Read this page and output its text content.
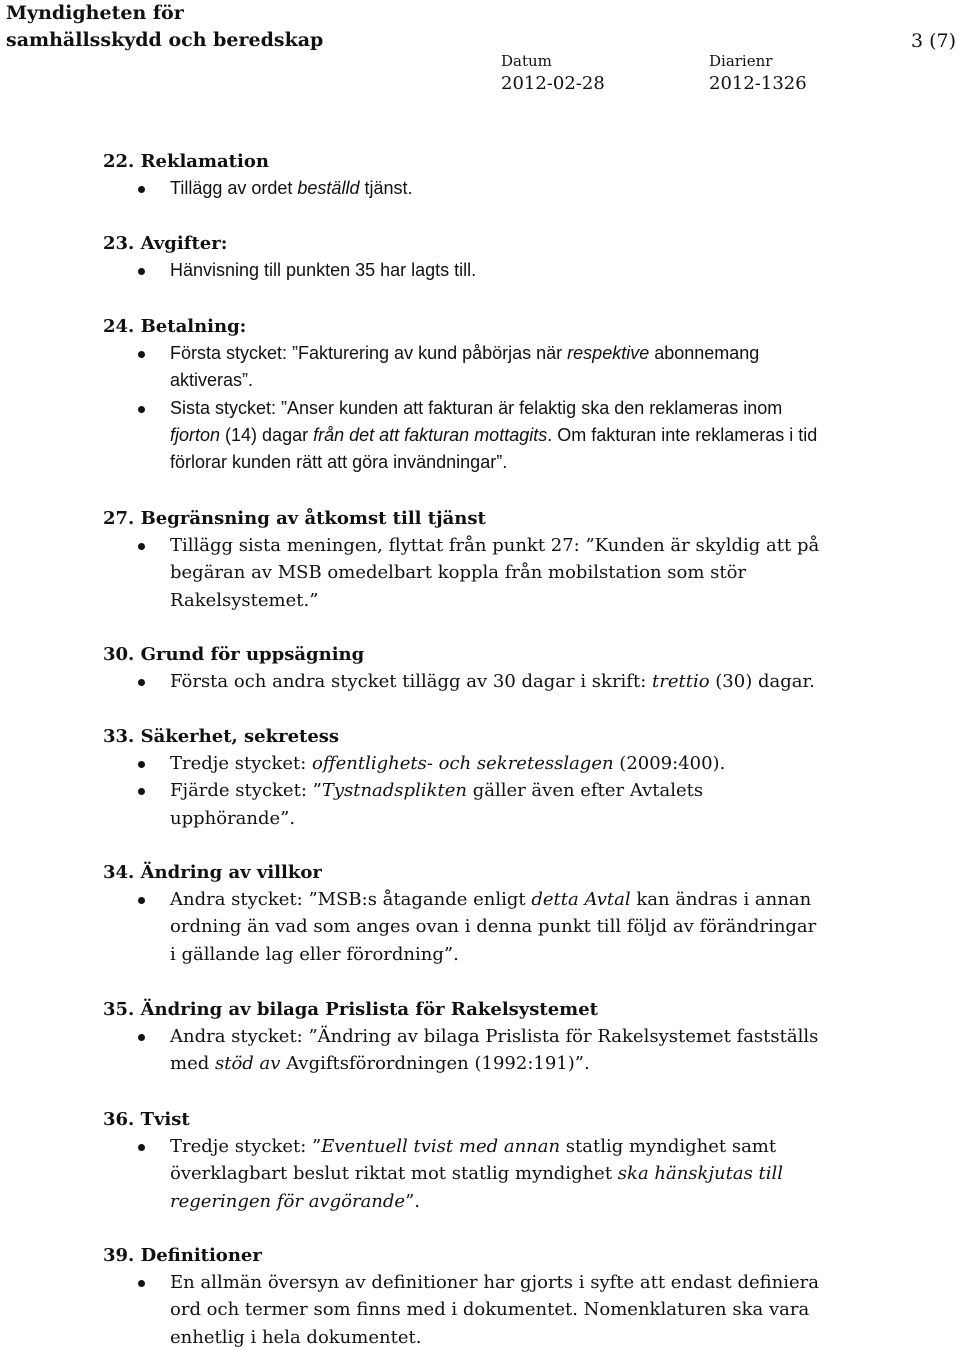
Myndigheten för
samhällsskydd och beredskap	3 (7)
Datum
2012-02-28
Diarienr
2012-1326
22. Reklamation
Tillägg av ordet beställd tjänst.
23. Avgifter:
Hänvisning till punkten 35 har lagts till.
24. Betalning:
Första stycket: ”Fakturering av kund påbörjas när respektive abonnemang aktiveras”.
Sista stycket: ”Anser kunden att fakturan är felaktig ska den reklameras inom fjorton (14) dagar från det att fakturan mottagits. Om fakturan inte reklameras i tid förlorar kunden rätt att göra invändningar”.
27. Begränsning av åtkomst till tjänst
Tillägg sista meningen, flyttat från punkt 27: ”Kunden är skyldig att på begäran av MSB omedelbart koppla från mobilstation som stör Rakelsystemet.”
30. Grund för uppsägning
Första och andra stycket tillägg av 30 dagar i skrift: trettio (30) dagar.
33. Säkerhet, sekretess
Tredje stycket: offentlighets- och sekretesslagen (2009:400).
Fjärde stycket: ”Tystnadsplikten gäller även efter Avtalets upphörande”.
34. Ändring av villkor
Andra stycket: ”MSB:s åtagande enligt detta Avtal kan ändras i annan ordning än vad som anges ovan i denna punkt till följd av förändringar i gällande lag eller förordning”.
35. Ändring av bilaga Prislista för Rakelsystemet
Andra stycket: ”Ändring av bilaga Prislista för Rakelsystemet fastställs med stöd av Avgiftsförordningen (1992:191)”.
36. Tvist
Tredje stycket: ”Eventuell tvist med annan statlig myndighet samt överklagbart beslut riktat mot statlig myndighet ska hänskjutas till regeringen för avgörande”.
39. Definitioner
En allmän översyn av definitioner har gjorts i syfte att endast definiera ord och termer som finns med i dokumentet. Nomenklaturen ska vara enhetlig i hela dokumentet.
